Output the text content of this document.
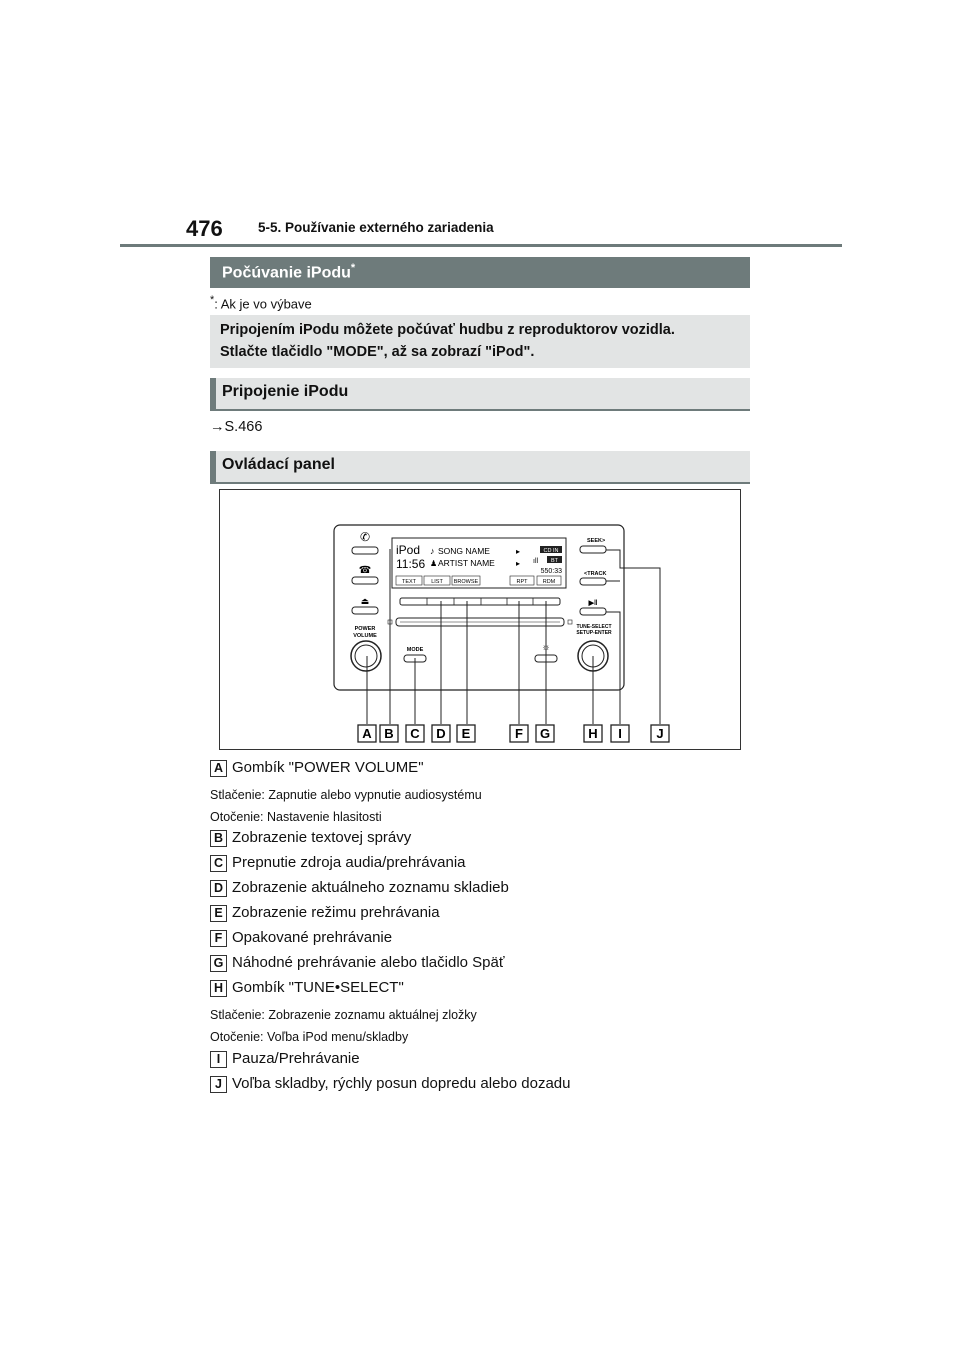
476	5-5. Používanie externého zariadenia
Počúvanie iPodu*
*: Ak je vo výbave
Pripojením iPodu môžete počúvať hudbu z reproduktorov vozidla.
Stlačte tlačidlo "MODE", až sa zobrazí "iPod".
Pripojenie iPodu
→S.466
Ovládací panel
✆
☎
⏏
POWER
VOLUME
iPod
11:56
♪ SONG NAME
♟ ARTIST NAME
▸
▸
CD IN
ıll BT
550:33
TEXT	LIST BROWSE	RPT	RDM
MODE	☼
SEEK>
<TRACK
▶‖
TUNE-SELECT
SETUP-ENTER
A B C D E	F G	H I	J
A Gombík "POWER VOLUME"
Stlačenie: Zapnutie alebo vypnutie audiosystému
Otočenie: Nastavenie hlasitosti
B Zobrazenie textovej správy
C Prepnutie zdroja audia/prehrávania
D Zobrazenie aktuálneho zoznamu skladieb
E Zobrazenie režimu prehrávania
F Opakované prehrávanie
G Náhodné prehrávanie alebo tlačidlo Späť
H Gombík "TUNE•SELECT"
Stlačenie: Zobrazenie zoznamu aktuálnej zložky
Otočenie: Voľba iPod menu/skladby
I Pauza/Prehrávanie
J Voľba skladby, rýchly posun dopredu alebo dozadu
